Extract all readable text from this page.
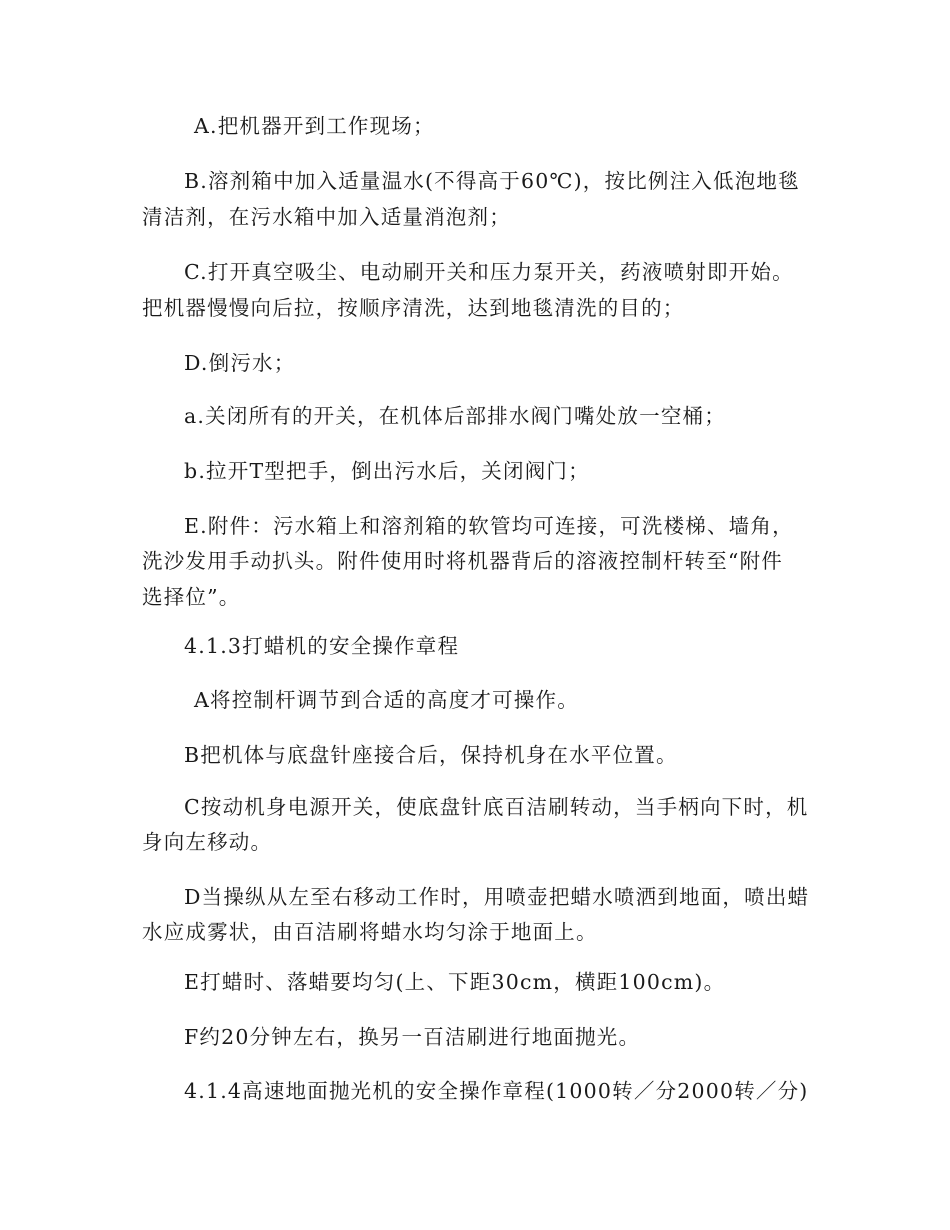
A.把机器开到工作现场；
B.溶剂箱中加入适量温水(不得高于60℃)，按比例注入低泡地毯
清洁剂，在污水箱中加入适量消泡剂；
C.打开真空吸尘、电动刷开关和压力泵开关，药液喷射即开始。
把机器慢慢向后拉，按顺序清洗，达到地毯清洗的目的；
D.倒污水；
a.关闭所有的开关，在机体后部排水阀门嘴处放一空桶；
b.拉开T型把手，倒出污水后，关闭阀门；
E.附件：污水箱上和溶剂箱的软管均可连接，可洗楼梯、墙角，
洗沙发用手动扒头。附件使用时将机器背后的溶液控制杆转至“附件
选择位”。
4.1.3打蜡机的安全操作章程
A将控制杆调节到合适的高度才可操作。
B把机体与底盘针座接合后，保持机身在水平位置。
C按动机身电源开关，使底盘针底百洁刷转动，当手柄向下时，机
身向左移动。
D当操纵从左至右移动工作时，用喷壶把蜡水喷洒到地面，喷出蜡
水应成雾状，由百洁刷将蜡水均匀涂于地面上。
E打蜡时、落蜡要均匀(上、下距30cm，横距100cm)。
F约20分钟左右，换另一百洁刷进行地面抛光。
4.1.4高速地面抛光机的安全操作章程(1000转／分2000转／分)
